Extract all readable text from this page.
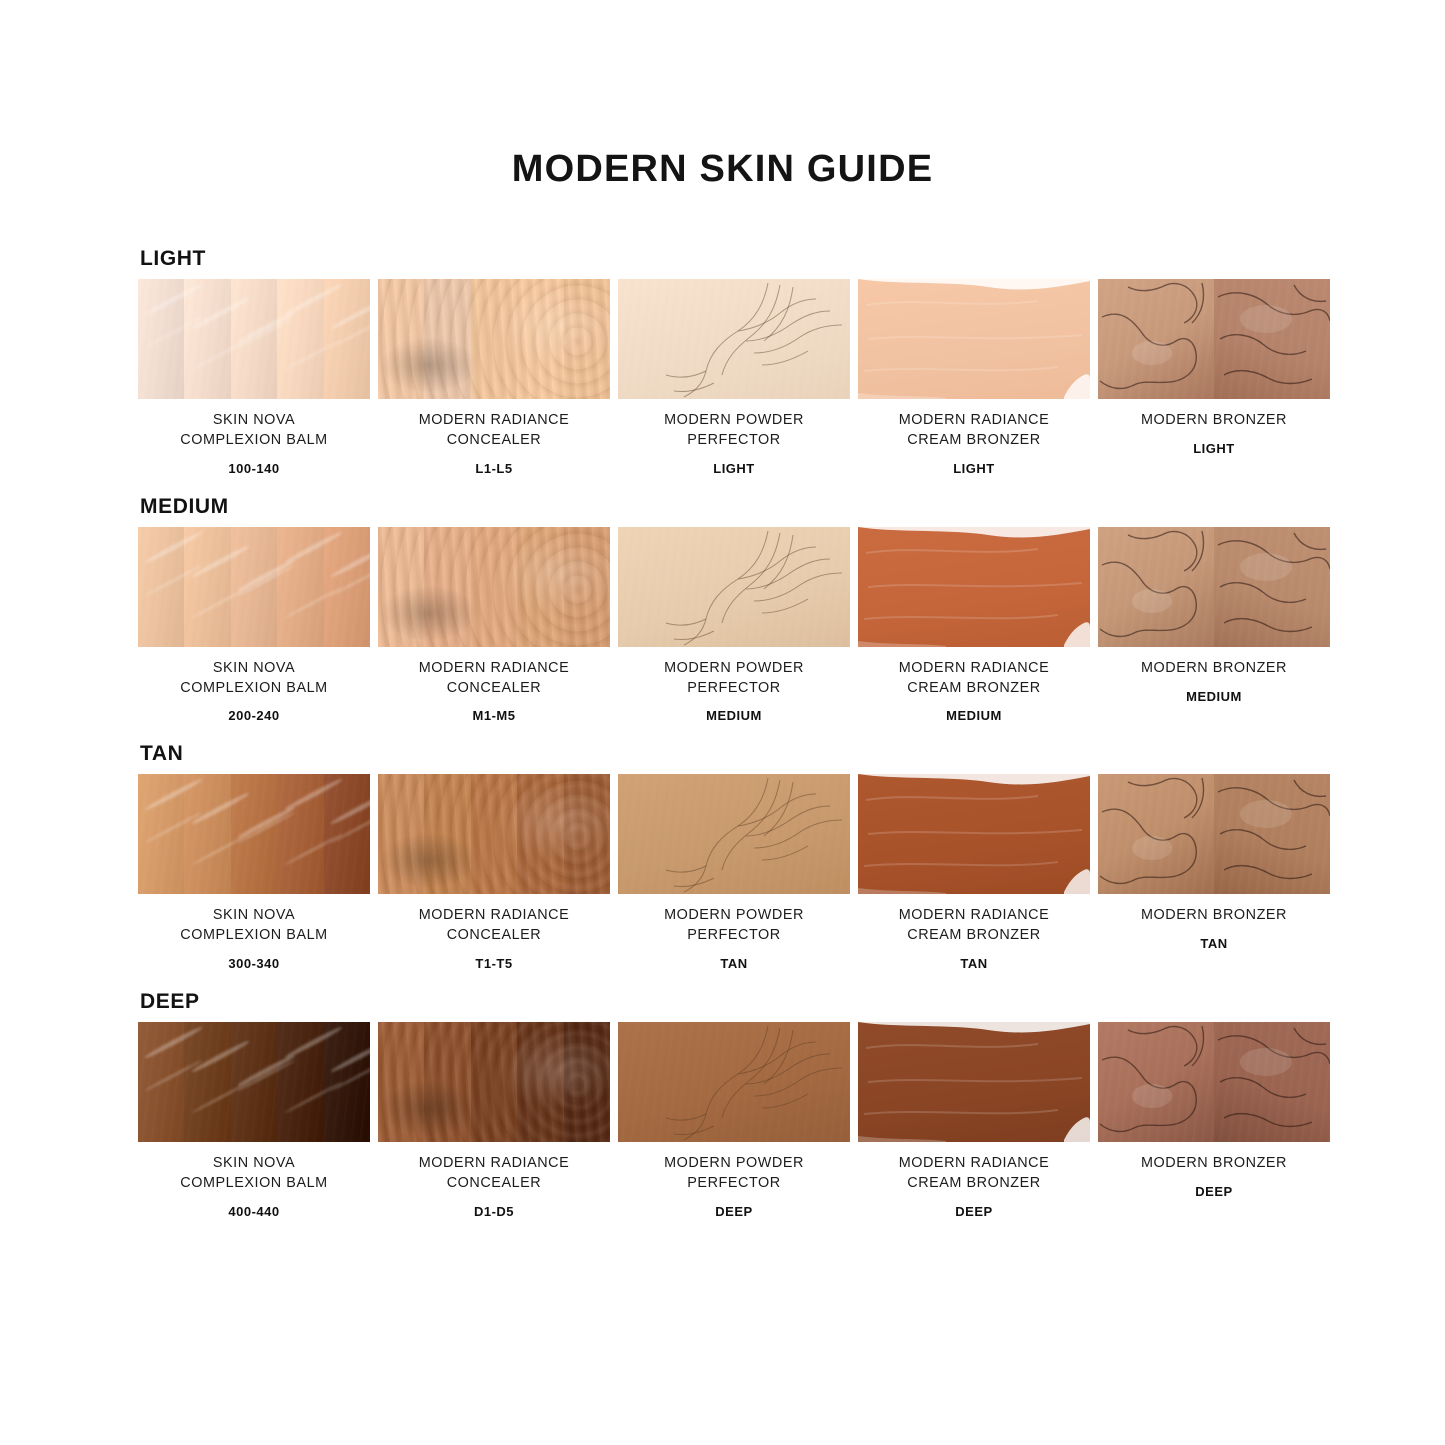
MODERN SKIN GUIDE
LIGHT
SKIN NOVA
COMPLEXION BALM
100-140
MODERN RADIANCE
CONCEALER
L1-L5
MODERN POWDER
PERFECTOR
LIGHT
MODERN RADIANCE
CREAM BRONZER
LIGHT
MODERN BRONZER
LIGHT
MEDIUM
SKIN NOVA
COMPLEXION BALM
200-240
MODERN RADIANCE
CONCEALER
M1-M5
MODERN POWDER
PERFECTOR
MEDIUM
MODERN RADIANCE
CREAM BRONZER
MEDIUM
MODERN BRONZER
MEDIUM
TAN
SKIN NOVA
COMPLEXION BALM
300-340
MODERN RADIANCE
CONCEALER
T1-T5
MODERN POWDER
PERFECTOR
TAN
MODERN RADIANCE
CREAM BRONZER
TAN
MODERN BRONZER
TAN
DEEP
SKIN NOVA
COMPLEXION BALM
400-440
MODERN RADIANCE
CONCEALER
D1-D5
MODERN POWDER
PERFECTOR
DEEP
MODERN RADIANCE
CREAM BRONZER
DEEP
MODERN BRONZER
DEEP
